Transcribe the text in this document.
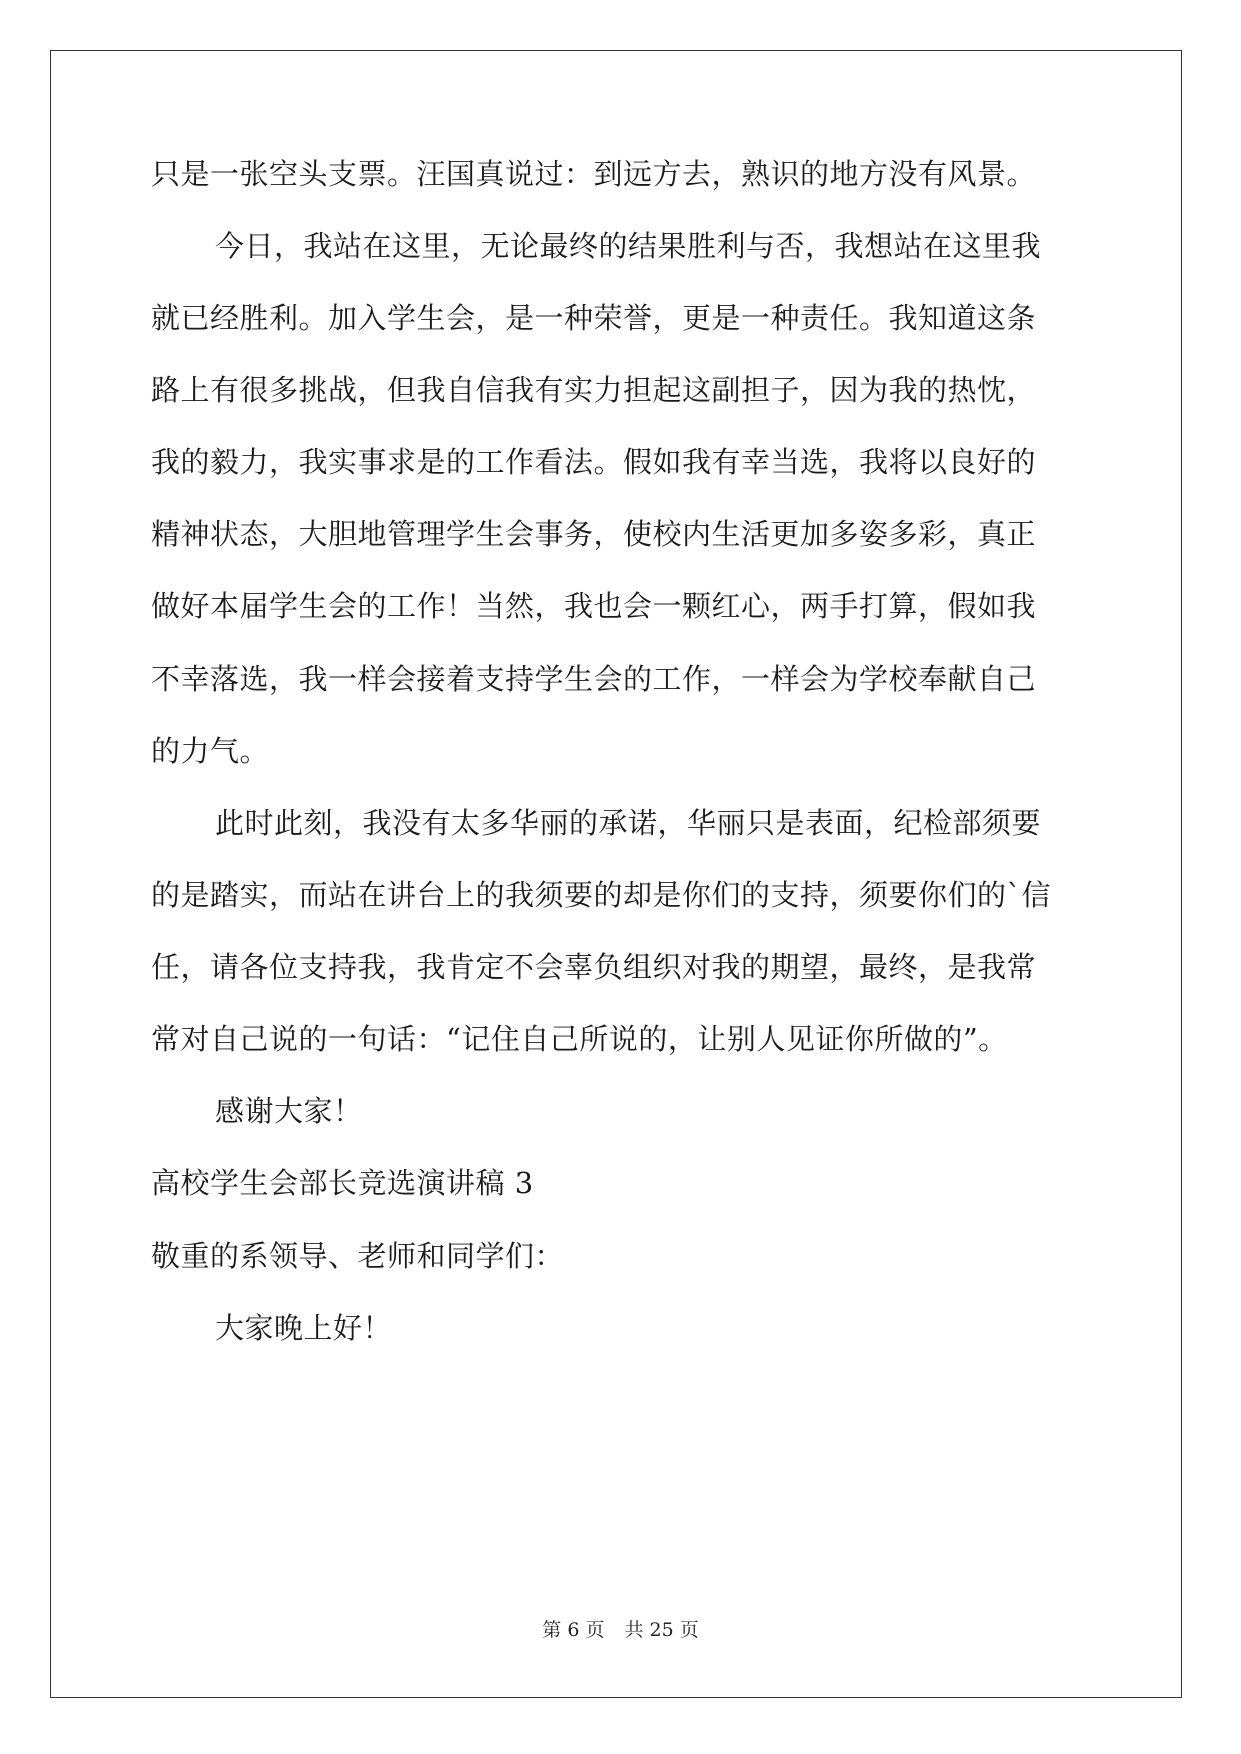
只是一张空头支票。汪国真说过：到远方去，熟识的地方没有风景。
今日，我站在这里，无论最终的结果胜利与否，我想站在这里我
就已经胜利。加入学生会，是一种荣誉，更是一种责任。我知道这条
路上有很多挑战，但我自信我有实力担起这副担子，因为我的热忱，
我的毅力，我实事求是的工作看法。假如我有幸当选，我将以良好的
精神状态，大胆地管理学生会事务，使校内生活更加多姿多彩，真正
做好本届学生会的工作！当然，我也会一颗红心，两手打算，假如我
不幸落选，我一样会接着支持学生会的工作，一样会为学校奉献自己
的力气。
此时此刻，我没有太多华丽的承诺，华丽只是表面，纪检部须要
的是踏实，而站在讲台上的我须要的却是你们的支持，须要你们的`信
任，请各位支持我，我肯定不会辜负组织对我的期望，最终，是我常
常对自己说的一句话：“记住自己所说的，让别人见证你所做的”。
感谢大家！
高校学生会部长竞选演讲稿 3
敬重的系领导、老师和同学们：
大家晚上好！
第 6 页 共 25 页
